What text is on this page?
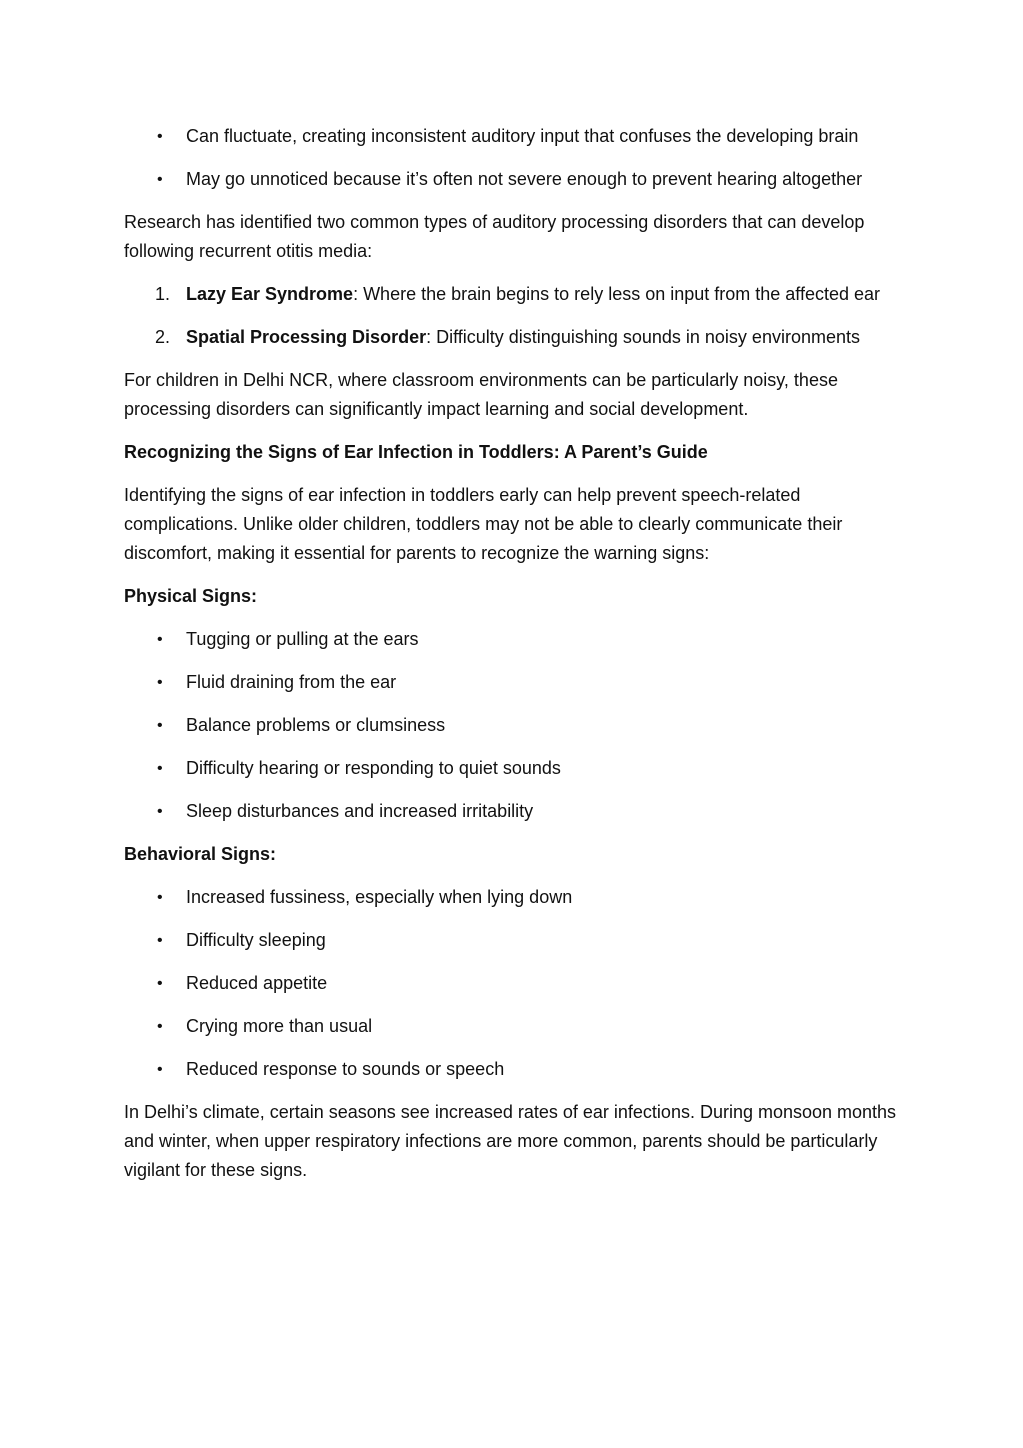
• Can fluctuate, creating inconsistent auditory input that confuses the developing brain
• May go unnoticed because it’s often not severe enough to prevent hearing altogether

Research has identified two common types of auditory processing disorders that can develop following recurrent otitis media:

1. Lazy Ear Syndrome: Where the brain begins to rely less on input from the affected ear
2. Spatial Processing Disorder: Difficulty distinguishing sounds in noisy environments

For children in Delhi NCR, where classroom environments can be particularly noisy, these processing disorders can significantly impact learning and social development.

Recognizing the Signs of Ear Infection in Toddlers: A Parent’s Guide

Identifying the signs of ear infection in toddlers early can help prevent speech-related complications. Unlike older children, toddlers may not be able to clearly communicate their discomfort, making it essential for parents to recognize the warning signs:

Physical Signs:

• Tugging or pulling at the ears
• Fluid draining from the ear
• Balance problems or clumsiness
• Difficulty hearing or responding to quiet sounds
• Sleep disturbances and increased irritability

Behavioral Signs:

• Increased fussiness, especially when lying down
• Difficulty sleeping
• Reduced appetite
• Crying more than usual
• Reduced response to sounds or speech

In Delhi’s climate, certain seasons see increased rates of ear infections. During monsoon months and winter, when upper respiratory infections are more common, parents should be particularly vigilant for these signs.
